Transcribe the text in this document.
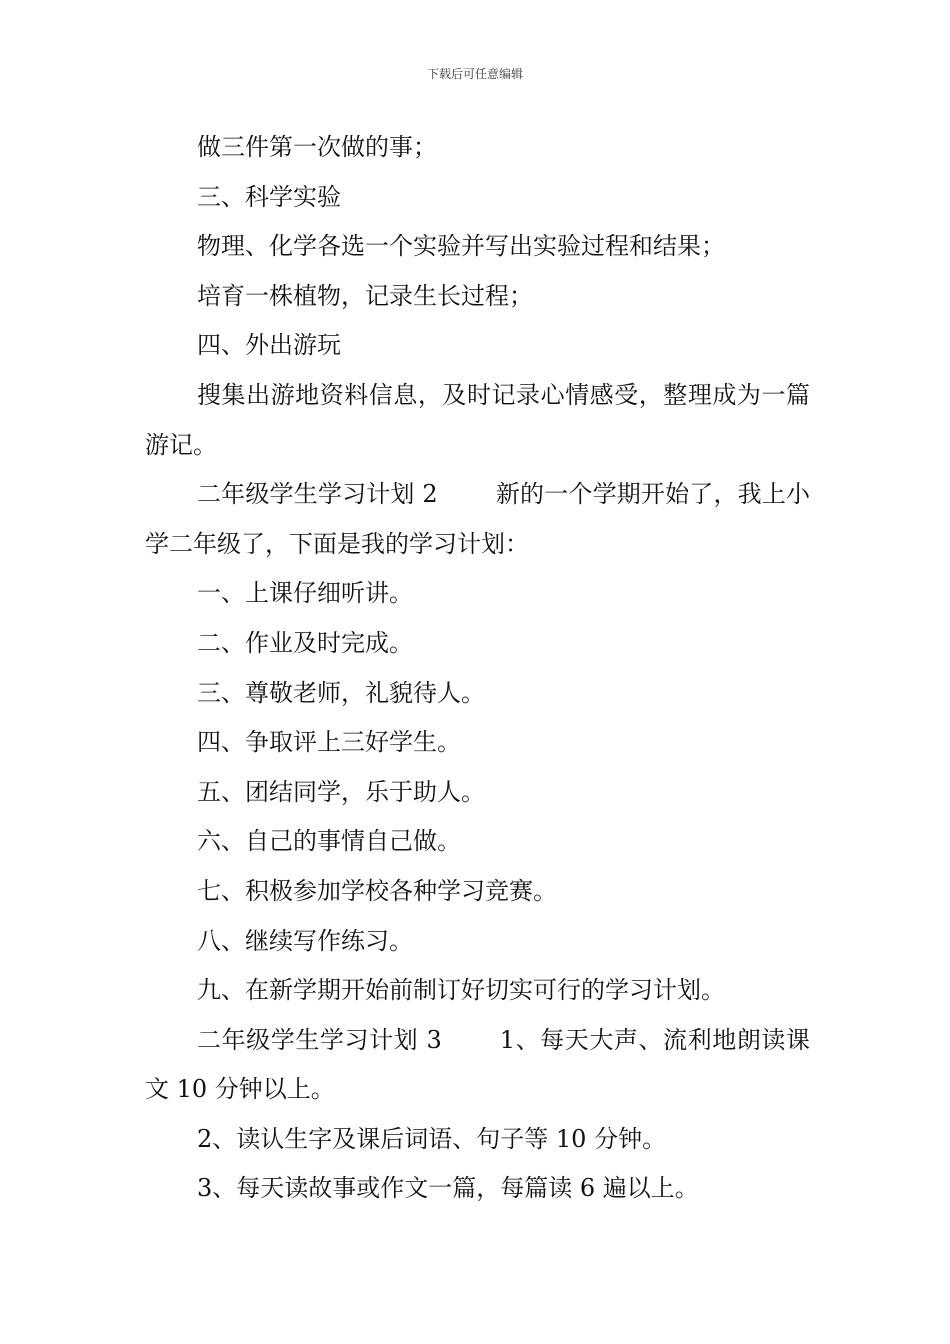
下载后可任意编辑

做三件第一次做的事；

三、科学实验

物理、化学各选一个实验并写出实验过程和结果；

培育一株植物，记录生长过程；

四、外出游玩

搜集出游地资料信息，及时记录心情感受，整理成为一篇游记。

二年级学生学习计划 2 新的一个学期开始了，我上小学二年级了，下面是我的学习计划：

一、上课仔细听讲。

二、作业及时完成。

三、尊敬老师，礼貌待人。

四、争取评上三好学生。

五、团结同学，乐于助人。

六、自己的事情自己做。

七、积极参加学校各种学习竞赛。

八、继续写作练习。

九、在新学期开始前制订好切实可行的学习计划。

二年级学生学习计划 3 1、每天大声、流利地朗读课文 10 分钟以上。

2、读认生字及课后词语、句子等 10 分钟。

3、每天读故事或作文一篇，每篇读 6 遍以上。
